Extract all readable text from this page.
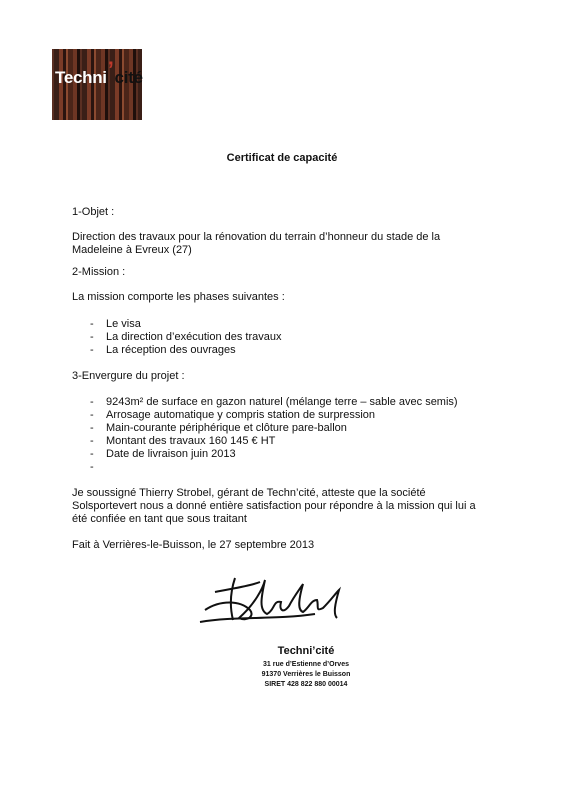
Techni’cité
Certificat de capacité

1-Objet :

Direction des travaux pour la rénovation du terrain d’honneur du stade de la

Madeleine à Evreux (27)

2-Mission :

La mission comporte les phases suivantes :

- Le visa
- La direction d’exécution des travaux
- La réception des ouvrages

3-Envergure du projet :

- 9243m² de surface en gazon naturel (mélange terre – sable avec semis)
- Arrosage automatique y compris station de surpression
- Main-courante périphérique et clôture pare-ballon
- Montant des travaux 160 145 € HT
- Date de livraison juin 2013
-

Je soussigné Thierry Strobel, gérant de Techn’cité, atteste que la société

Solsportevert nous a donné entière satisfaction pour répondre à la mission qui lui a

été confiée en tant que sous traitant

Fait à Verrières-le-Buisson, le 27 septembre 2013
Techni’cité
31 rue d’Estienne d’Orves
91370 Verrières le Buisson
SIRET 428 822 880 00014
